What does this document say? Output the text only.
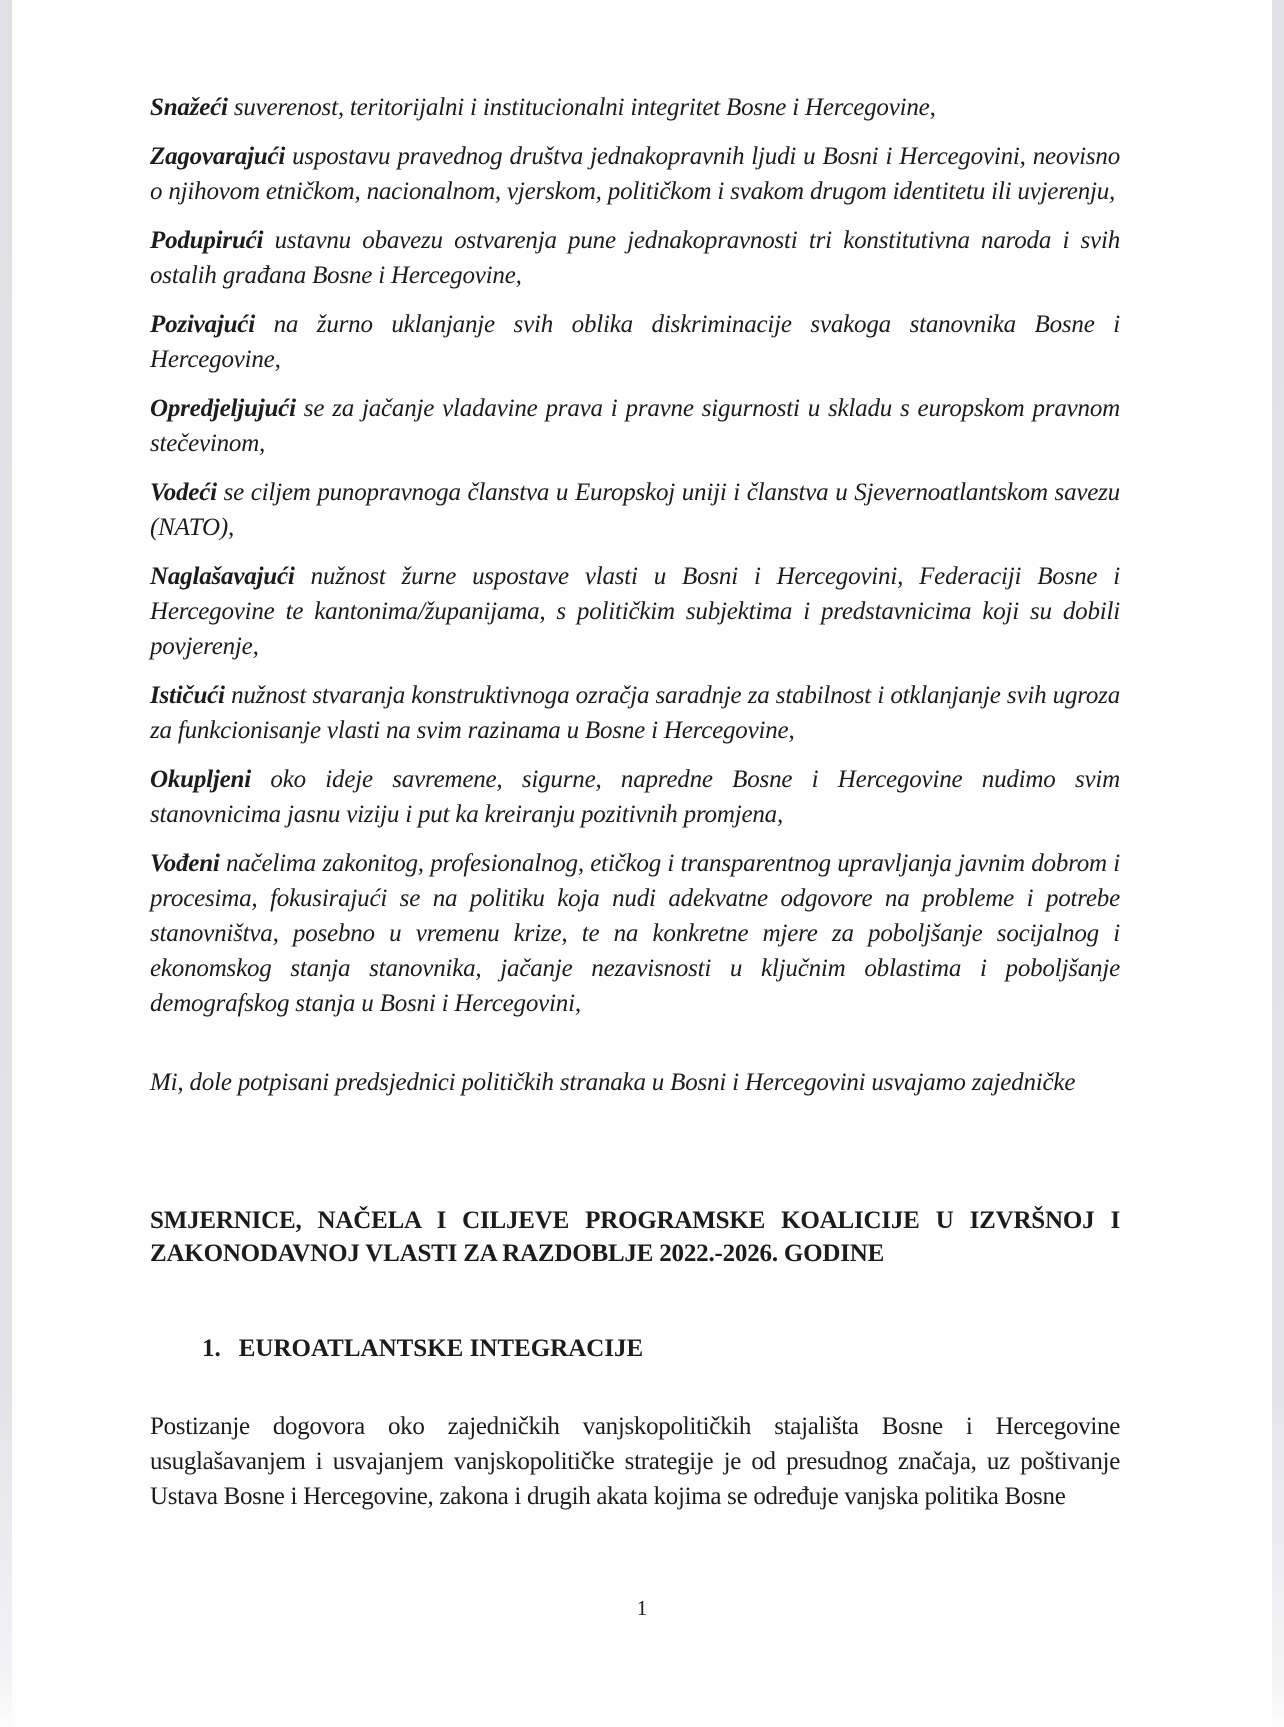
Snažeći suverenost, teritorijalni i institucionalni integritet Bosne i Hercegovine,

Zagovarajući uspostavu pravednog društva jednakopravnih ljudi u Bosni i Hercegovini, neovisno o njihovom etničkom, nacionalnom, vjerskom, političkom i svakom drugom identitetu ili uvjerenju,

Podupirući ustavnu obavezu ostvarenja pune jednakopravnosti tri konstitutivna naroda i svih ostalih građana Bosne i Hercegovine,

Pozivajući na žurno uklanjanje svih oblika diskriminacije svakoga stanovnika Bosne i Hercegovine,

Opredjeljujući se za jačanje vladavine prava i pravne sigurnosti u skladu s europskom pravnom stečevinom,

Vodeći se ciljem punopravnoga članstva u Europskoj uniji i članstva u Sjevernoatlantskom savezu (NATO),

Naglašavajući nužnost žurne uspostave vlasti u Bosni i Hercegovini, Federaciji Bosne i Hercegovine te kantonima/županijama, s političkim subjektima i predstavnicima koji su dobili povjerenje,

Ističući nužnost stvaranja konstruktivnoga ozračja saradnje za stabilnost i otklanjanje svih ugroza za funkcionisanje vlasti na svim razinama u Bosne i Hercegovine,

Okupljeni oko ideje savremene, sigurne, napredne Bosne i Hercegovine nudimo svim stanovnicima jasnu viziju i put ka kreiranju pozitivnih promjena,

Vođeni načelima zakonitog, profesionalnog, etičkog i transparentnog upravljanja javnim dobrom i procesima, fokusirajući se na politiku koja nudi adekvatne odgovore na probleme i potrebe stanovništva, posebno u vremenu krize, te na konkretne mjere za poboljšanje socijalnog i ekonomskog stanja stanovnika, jačanje nezavisnosti u ključnim oblastima i poboljšanje demografskog stanja u Bosni i Hercegovini,

Mi, dole potpisani predsjednici političkih stranaka u Bosni i Hercegovini usvajamo zajedničke

SMJERNICE, NAČELA I CILJEVE PROGRAMSKE KOALICIJE U IZVRŠNOJ I
ZAKONODAVNOJ VLASTI ZA RAZDOBLJE 2022.-2026. GODINE
1. EUROATLANTSKE INTEGRACIJE

Postizanje dogovora oko zajedničkih vanjskopolitičkih stajališta Bosne i Hercegovine usuglašavanjem i usvajanjem vanjskopolitičke strategije je od presudnog značaja, uz poštivanje Ustava Bosne i Hercegovine, zakona i drugih akata kojima se određuje vanjska politika Bosne

1
